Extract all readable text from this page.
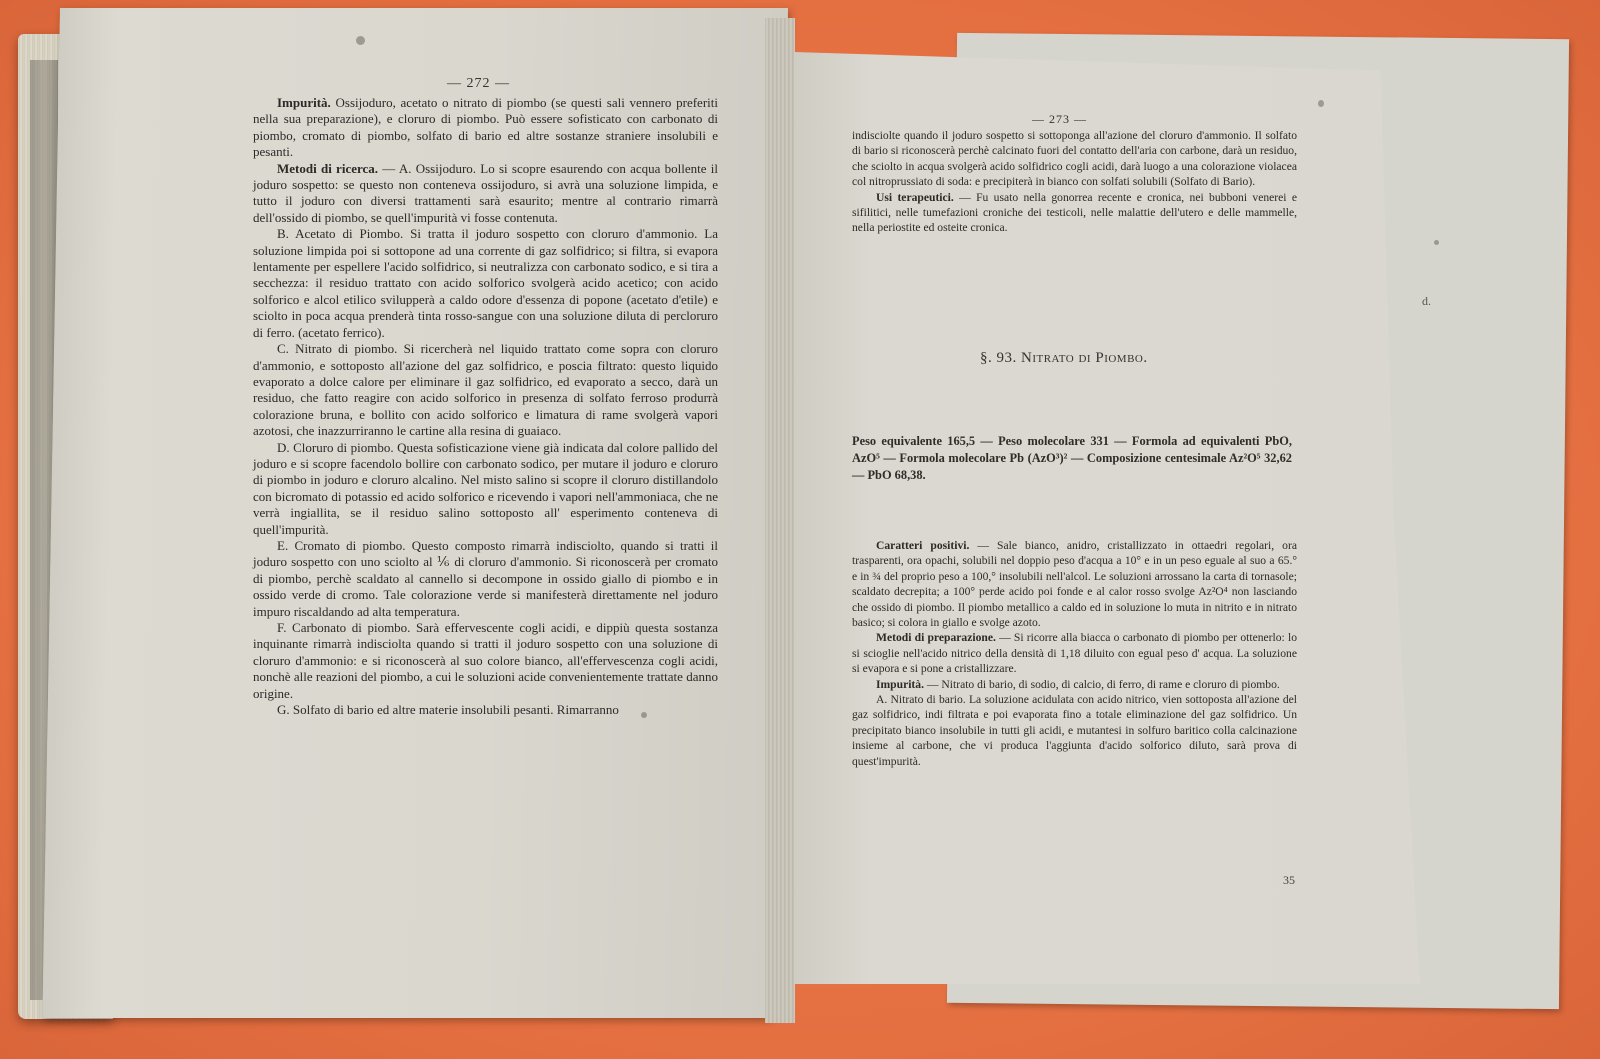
d.
— 272 —

Impurità. Ossijoduro, acetato o nitrato di piombo (se questi sali vennero preferiti nella sua preparazione), e cloruro di piombo. Può essere sofisticato con carbonato di piombo, cromato di piombo, solfato di bario ed altre sostanze straniere insolubili e pesanti.

Metodi di ricerca. — A. Ossijoduro. Lo si scopre esaurendo con acqua bollente il joduro sospetto: se questo non conteneva ossijoduro, si avrà una soluzione limpida, e tutto il joduro con diversi trattamenti sarà esaurito; mentre al contrario rimarrà dell'ossido di piombo, se quell'impurità vi fosse contenuta.

B. Acetato di Piombo. Si tratta il joduro sospetto con cloruro d'ammonio. La soluzione limpida poi si sottopone ad una corrente di gaz solfidrico; si filtra, si evapora lentamente per espellere l'acido solfidrico, si neutralizza con carbonato sodico, e si tira a secchezza: il residuo trattato con acido solforico svolgerà acido acetico; con acido solforico e alcol etilico svilupperà a caldo odore d'essenza di popone (acetato d'etile) e sciolto in poca acqua prenderà tinta rosso-sangue con una soluzione diluta di percloruro di ferro. (acetato ferrico).

C. Nitrato di piombo. Si ricercherà nel liquido trattato come sopra con cloruro d'ammonio, e sottoposto all'azione del gaz solfidrico, e poscia filtrato: questo liquido evaporato a dolce calore per eliminare il gaz solfidrico, ed evaporato a secco, darà un residuo, che fatto reagire con acido solforico in presenza di solfato ferroso produrrà colorazione bruna, e bollito con acido solforico e limatura di rame svolgerà vapori azotosi, che inazzurriranno le cartine alla resina di guaiaco.

D. Cloruro di piombo. Questa sofisticazione viene già indicata dal colore pallido del joduro e si scopre facendolo bollire con carbonato sodico, per mutare il joduro e cloruro di piombo in joduro e cloruro alcalino. Nel misto salino si scopre il cloruro distillandolo con bicromato di potassio ed acido solforico e ricevendo i vapori nell'ammoniaca, che ne verrà ingiallita, se il residuo salino sottoposto all' esperimento conteneva di quell'impurità.

E. Cromato di piombo. Questo composto rimarrà indisciolto, quando si tratti il joduro sospetto con uno sciolto al ⅙ di cloruro d'ammonio. Si riconoscerà per cromato di piombo, perchè scaldato al cannello si decompone in ossido giallo di piombo e in ossido verde di cromo. Tale colorazione verde si manifesterà direttamente nel joduro impuro riscaldando ad alta temperatura.

F. Carbonato di piombo. Sarà effervescente cogli acidi, e dippiù questa sostanza inquinante rimarrà indisciolta quando si tratti il joduro sospetto con una soluzione di cloruro d'ammonio: e si riconoscerà al suo colore bianco, all'effervescenza cogli acidi, nonchè alle reazioni del piombo, a cui le soluzioni acide convenientemente trattate danno origine.

G. Solfato di bario ed altre materie insolubili pesanti. Rimarranno

— 273 —

indisciolte quando il joduro sospetto si sottoponga all'azione del cloruro d'ammonio. Il solfato di bario si riconoscerà perchè calcinato fuori del contatto dell'aria con carbone, darà un residuo, che sciolto in acqua svolgerà acido solfidrico cogli acidi, darà luogo a una colorazione violacea col nitroprussiato di soda: e precipiterà in bianco con solfati solubili (Solfato di Bario).

Usi terapeutici. — Fu usato nella gonorrea recente e cronica, nei bubboni venerei e sifilitici, nelle tumefazioni croniche dei testicoli, nelle malattie dell'utero e delle mammelle, nella periostite ed osteite cronica.

§. 93. Nitrato di Piombo.
Peso equivalente 165,5 — Peso molecolare 331 — Formola ad equivalenti PbO, AzO⁵ — Formola molecolare Pb (AzO³)² — Composizione centesimale Az²O⁵ 32,62 — PbO 68,38.

Caratteri positivi. — Sale bianco, anidro, cristallizzato in ottaedri regolari, ora trasparenti, ora opachi, solubili nel doppio peso d'acqua a 10° e in un peso eguale al suo a 65.° e in ¾ del proprio peso a 100,° insolubili nell'alcol. Le soluzioni arrossano la carta di tornasole; scaldato decrepita; a 100° perde acido poi fonde e al calor rosso svolge Az²O⁴ non lasciando che ossido di piombo. Il piombo metallico a caldo ed in soluzione lo muta in nitrito e in nitrato basico; si colora in giallo e svolge azoto.

Metodi di preparazione. — Si ricorre alla biacca o carbonato di piombo per ottenerlo: lo si scioglie nell'acido nitrico della densità di 1,18 diluito con egual peso d' acqua. La soluzione si evapora e si pone a cristallizzare.

Impurità. — Nitrato di bario, di sodio, di calcio, di ferro, di rame e cloruro di piombo.

A. Nitrato di bario. La soluzione acidulata con acido nitrico, vien sottoposta all'azione del gaz solfidrico, indi filtrata e poi evaporata fino a totale eliminazione del gaz solfidrico. Un precipitato bianco insolubile in tutti gli acidi, e mutantesi in solfuro baritico colla calcinazione insieme al carbone, che vi produca l'aggiunta d'acido solforico diluto, sarà prova di quest'impurità.

35
